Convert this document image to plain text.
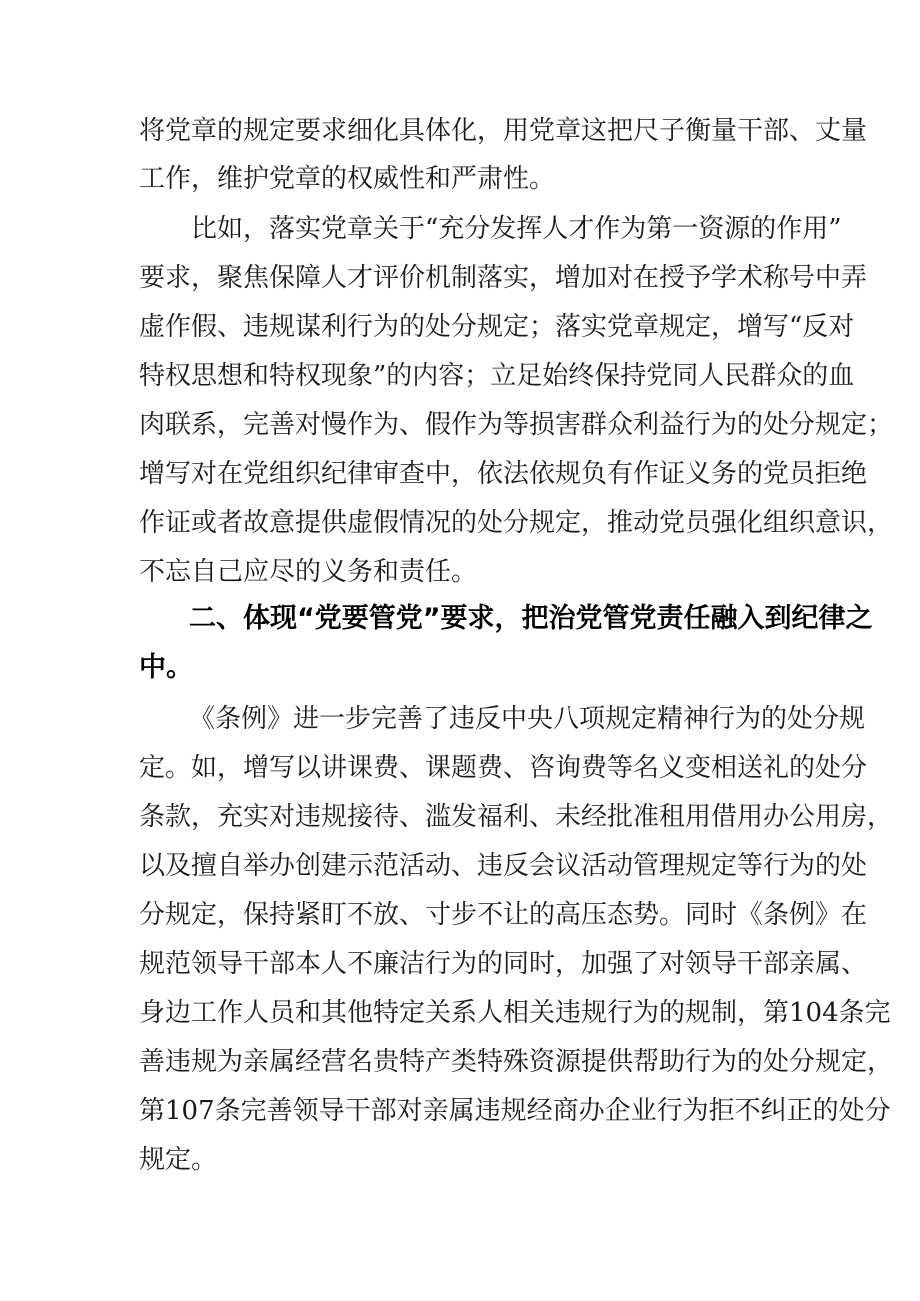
将党章的规定要求细化具体化，用党章这把尺子衡量干部、丈量
工作，维护党章的权威性和严肃性。
比如，落实党章关于“充分发挥人才作为第一资源的作用”
要求，聚焦保障人才评价机制落实，增加对在授予学术称号中弄
虚作假、违规谋利行为的处分规定；落实党章规定，增写“反对
特权思想和特权现象”的内容；立足始终保持党同人民群众的血
肉联系，完善对慢作为、假作为等损害群众利益行为的处分规定；
增写对在党组织纪律审查中，依法依规负有作证义务的党员拒绝
作证或者故意提供虚假情况的处分规定，推动党员强化组织意识，
不忘自己应尽的义务和责任。
二、体现“党要管党”要求，把治党管党责任融入到纪律之
中。
《条例》进一步完善了违反中央八项规定精神行为的处分规
定。如，增写以讲课费、课题费、咨询费等名义变相送礼的处分
条款，充实对违规接待、滥发福利、未经批准租用借用办公用房，
以及擅自举办创建示范活动、违反会议活动管理规定等行为的处
分规定，保持紧盯不放、寸步不让的高压态势。同时《条例》在
规范领导干部本人不廉洁行为的同时，加强了对领导干部亲属、
身边工作人员和其他特定关系人相关违规行为的规制，第104条完
善违规为亲属经营名贵特产类特殊资源提供帮助行为的处分规定，
第107条完善领导干部对亲属违规经商办企业行为拒不纠正的处分
规定。
